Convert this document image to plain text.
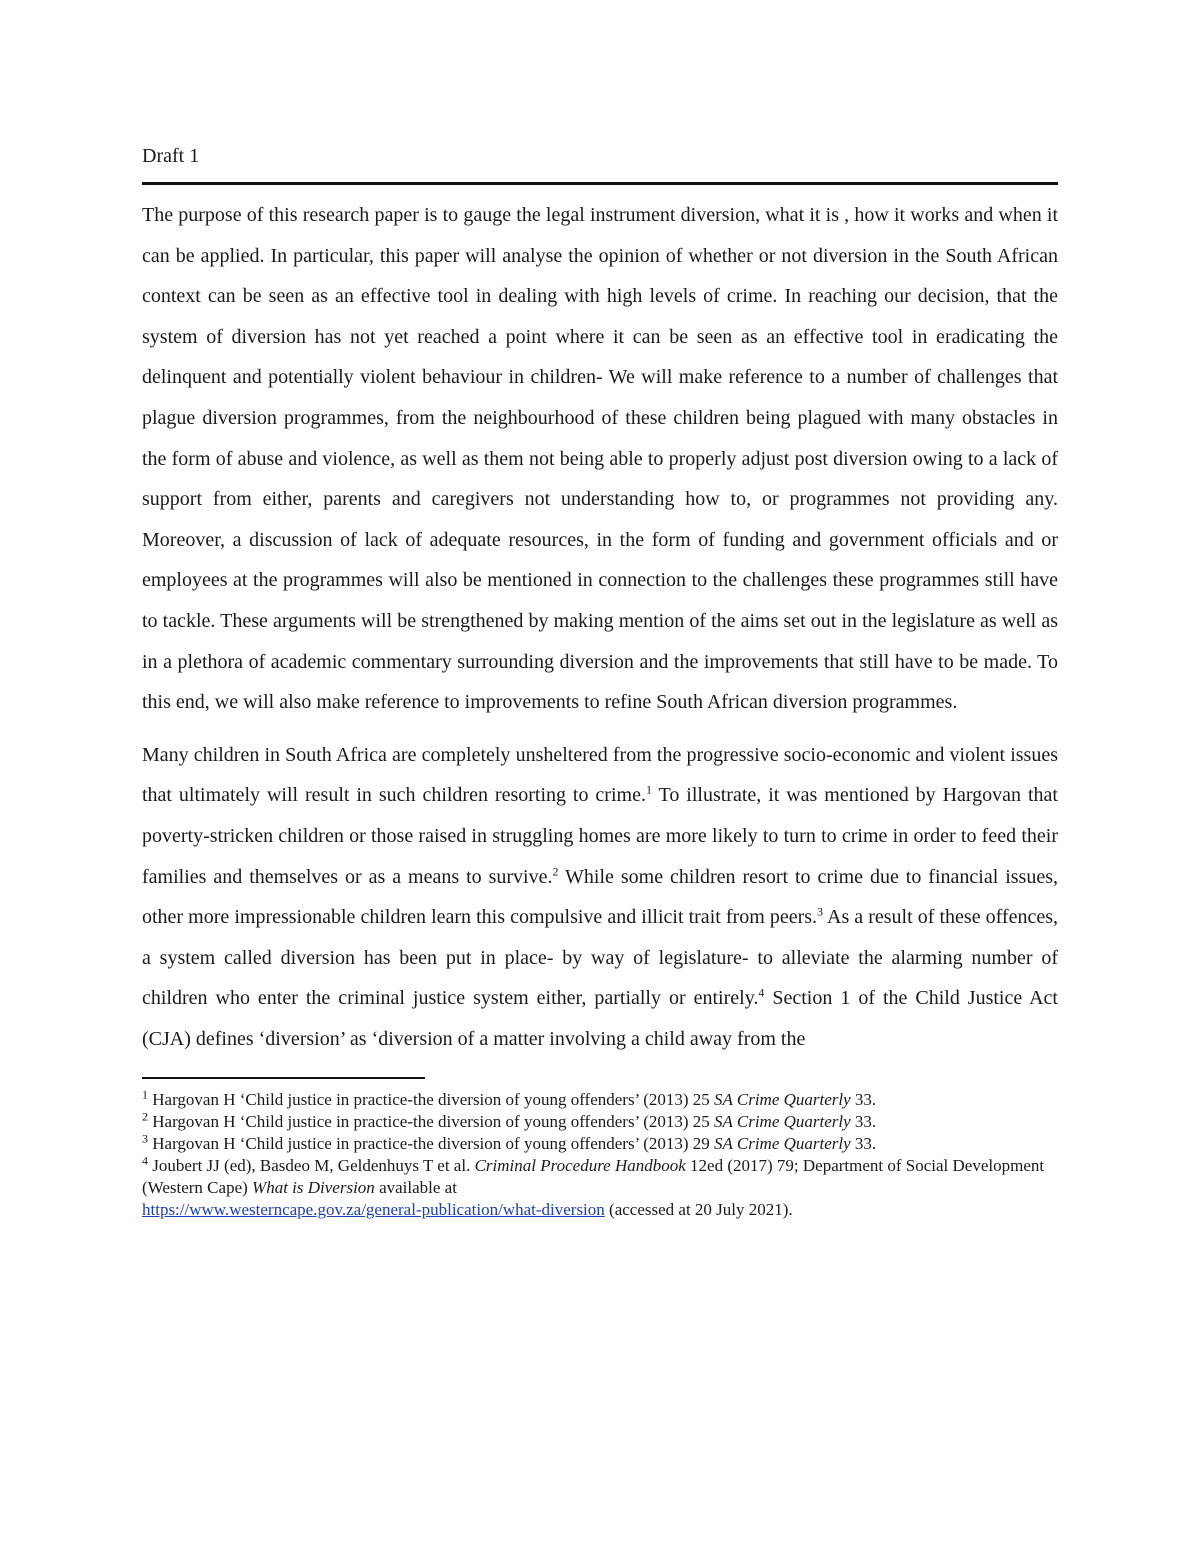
Draft 1

The purpose of this research paper is to gauge the legal instrument diversion, what it is , how it works and when it can be applied. In particular, this paper will analyse the opinion of whether or not diversion in the South African context can be seen as an effective tool in dealing with high levels of crime. In reaching our decision, that the system of diversion has not yet reached a point where it can be seen as an effective tool in eradicating the delinquent and potentially violent behaviour in children- We will make reference to a number of challenges that plague diversion programmes, from the neighbourhood of these children being plagued with many obstacles in the form of abuse and violence, as well as them not being able to properly adjust post diversion owing to a lack of support from either, parents and caregivers not understanding how to, or programmes not providing any. Moreover, a discussion of lack of adequate resources, in the form of funding and government officials and or employees at the programmes will also be mentioned in connection to the challenges these programmes still have to tackle. These arguments will be strengthened by making mention of the aims set out in the legislature as well as in a plethora of academic commentary surrounding diversion and the improvements that still have to be made. To this end, we will also make reference to improvements to refine South African diversion programmes.

Many children in South Africa are completely unsheltered from the progressive socio-economic and violent issues that ultimately will result in such children resorting to crime.$^1$ To illustrate, it was mentioned by Hargovan that poverty-stricken children or those raised in struggling homes are more likely to turn to crime in order to feed their families and themselves or as a means to survive.$^2$ While some children resort to crime due to financial issues, other more impressionable children learn this compulsive and illicit trait from peers.$^3$ As a result of these offences, a system called diversion has been put in place- by way of legislature- to alleviate the alarming number of children who enter the criminal justice system either, partially or entirely.$^4$ Section 1 of the Child Justice Act (CJA) defines ‘diversion’ as ‘diversion of a matter involving a child away from the

$^1$ Hargovan H ‘Child justice in practice-the diversion of young offenders’ (2013) 25 SA Crime Quarterly 33.

$^2$ Hargovan H ‘Child justice in practice-the diversion of young offenders’ (2013) 25 SA Crime Quarterly 33.

$^3$ Hargovan H ‘Child justice in practice-the diversion of young offenders’ (2013) 29 SA Crime Quarterly 33.

$^4$ Joubert JJ (ed), Basdeo M, Geldenhuys T et al. Criminal Procedure Handbook 12ed (2017) 79; Department of Social Development (Western Cape) What is Diversion available at
https://www.westerncape.gov.za/general-publication/what-diversion (accessed at 20 July 2021).
